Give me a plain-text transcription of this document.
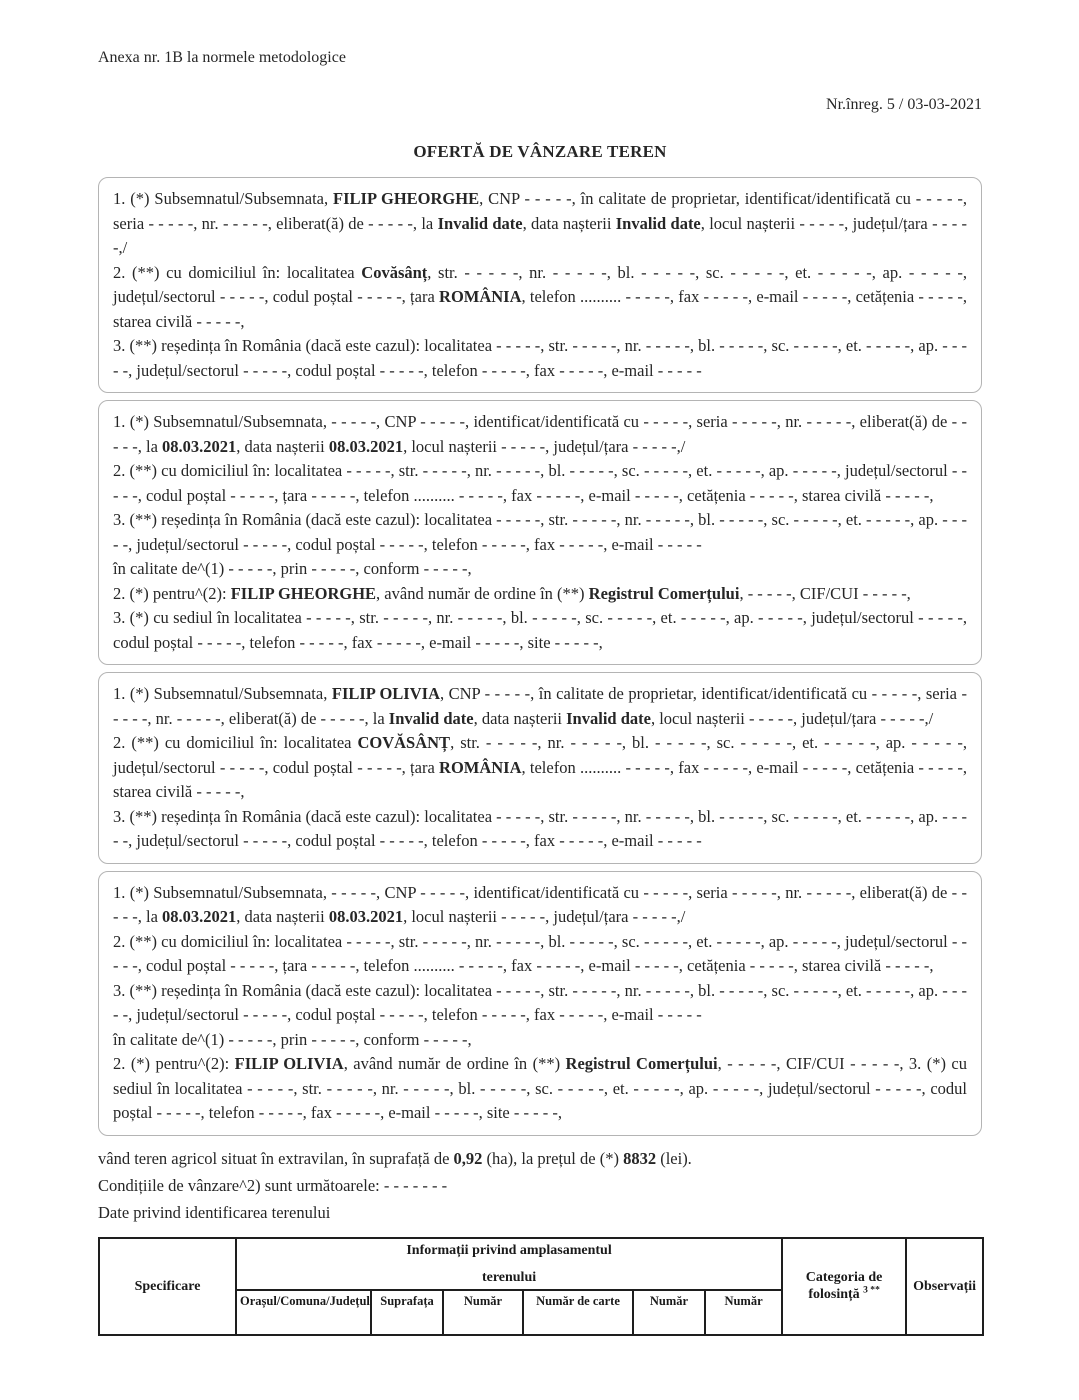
Anexa nr. 1B la normele metodologice
Nr.înreg. 5 / 03-03-2021
OFERTĂ DE VÂNZARE TEREN

1. (*) Subsemnatul/Subsemnata, FILIP GHEORGHE, CNP - - - - -, în calitate de proprietar, identificat/identificată cu - - - - -, seria - - - - -, nr. - - - - -, eliberat(ă) de - - - - -, la Invalid date, data nașterii Invalid date, locul nașterii - - - - -, județul/țara - - - - -,/

2. (**) cu domiciliul în: localitatea Covăsânț, str. - - - - -, nr. - - - - -, bl. - - - - -, sc. - - - - -, et. - - - - -, ap. - - - - -, județul/sectorul - - - - -, codul poștal - - - - -, țara ROMÂNIA, telefon .......... - - - - -, fax - - - - -, e-mail - - - - -, cetățenia - - - - -, starea civilă - - - - -,

3. (**) reședința în România (dacă este cazul): localitatea - - - - -, str. - - - - -, nr. - - - - -, bl. - - - - -, sc. - - - - -, et. - - - - -, ap. - - - - -, județul/sectorul - - - - -, codul poștal - - - - -, telefon - - - - -, fax - - - - -, e-mail - - - - -

1. (*) Subsemnatul/Subsemnata, - - - - -, CNP - - - - -, identificat/identificată cu - - - - -, seria - - - - -, nr. - - - - -, eliberat(ă) de - - - - -, la 08.03.2021, data nașterii 08.03.2021, locul nașterii - - - - -, județul/țara - - - - -,/

2. (**) cu domiciliul în: localitatea - - - - -, str. - - - - -, nr. - - - - -, bl. - - - - -, sc. - - - - -, et. - - - - -, ap. - - - - -, județul/sectorul - - - - -, codul poștal - - - - -, țara - - - - -, telefon .......... - - - - -, fax - - - - -, e-mail - - - - -, cetățenia - - - - -, starea civilă - - - - -,

3. (**) reședința în România (dacă este cazul): localitatea - - - - -, str. - - - - -, nr. - - - - -, bl. - - - - -, sc. - - - - -, et. - - - - -, ap. - - - - -, județul/sectorul - - - - -, codul poștal - - - - -, telefon - - - - -, fax - - - - -, e-mail - - - - -

în calitate de^(1) - - - - -, prin - - - - -, conform - - - - -,

2. (*) pentru^(2): FILIP GHEORGHE, având număr de ordine în (**) Registrul Comerțului, - - - - -, CIF/CUI - - - - -,

3. (*) cu sediul în localitatea - - - - -, str. - - - - -, nr. - - - - -, bl. - - - - -, sc. - - - - -, et. - - - - -, ap. - - - - -, județul/sectorul - - - - -, codul poștal - - - - -, telefon - - - - -, fax - - - - -, e-mail - - - - -, site - - - - -,

1. (*) Subsemnatul/Subsemnata, FILIP OLIVIA, CNP - - - - -, în calitate de proprietar, identificat/identificată cu - - - - -, seria - - - - -, nr. - - - - -, eliberat(ă) de - - - - -, la Invalid date, data nașterii Invalid date, locul nașterii - - - - -, județul/țara - - - - -,/

2. (**) cu domiciliul în: localitatea COVĂSÂNȚ, str. - - - - -, nr. - - - - -, bl. - - - - -, sc. - - - - -, et. - - - - -, ap. - - - - -, județul/sectorul - - - - -, codul poștal - - - - -, țara ROMÂNIA, telefon .......... - - - - -, fax - - - - -, e-mail - - - - -, cetățenia - - - - -, starea civilă - - - - -,

3. (**) reședința în România (dacă este cazul): localitatea - - - - -, str. - - - - -, nr. - - - - -, bl. - - - - -, sc. - - - - -, et. - - - - -, ap. - - - - -, județul/sectorul - - - - -, codul poștal - - - - -, telefon - - - - -, fax - - - - -, e-mail - - - - -

1. (*) Subsemnatul/Subsemnata, - - - - -, CNP - - - - -, identificat/identificată cu - - - - -, seria - - - - -, nr. - - - - -, eliberat(ă) de - - - - -, la 08.03.2021, data nașterii 08.03.2021, locul nașterii - - - - -, județul/țara - - - - -,/

2. (**) cu domiciliul în: localitatea - - - - -, str. - - - - -, nr. - - - - -, bl. - - - - -, sc. - - - - -, et. - - - - -, ap. - - - - -, județul/sectorul - - - - -, codul poștal - - - - -, țara - - - - -, telefon .......... - - - - -, fax - - - - -, e-mail - - - - -, cetățenia - - - - -, starea civilă - - - - -,

3. (**) reședința în România (dacă este cazul): localitatea - - - - -, str. - - - - -, nr. - - - - -, bl. - - - - -, sc. - - - - -, et. - - - - -, ap. - - - - -, județul/sectorul - - - - -, codul poștal - - - - -, telefon - - - - -, fax - - - - -, e-mail - - - - -

în calitate de^(1) - - - - -, prin - - - - -, conform - - - - -,

2. (*) pentru^(2): FILIP OLIVIA, având număr de ordine în (**) Registrul Comerțului, - - - - -, CIF/CUI - - - - -, 3. (*) cu sediul în localitatea - - - - -, str. - - - - -, nr. - - - - -, bl. - - - - -, sc. - - - - -, et. - - - - -, ap. - - - - -, județul/sectorul - - - - -, codul poștal - - - - -, telefon - - - - -, fax - - - - -, e-mail - - - - -, site - - - - -,

vând teren agricol situat în extravilan, în suprafață de 0,92 (ha), la prețul de (*) 8832 (lei).

Condițiile de vânzare^2) sunt următoarele: - - - - - - -

Date privind identificarea terenului

Specificare	Informații privind amplasamentul
terenului						Categoria de folosință $^{3 **}$	Observații
	Orașul/Comuna/Județul	Suprafața	Număr	Număr de carte	Număr	Număr		
